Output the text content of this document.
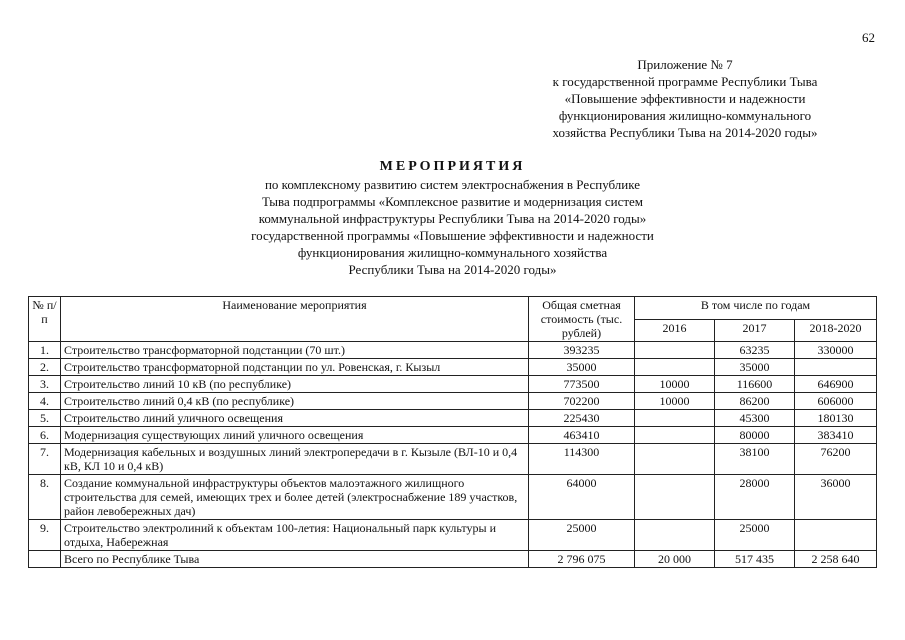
62
Приложение № 7
к государственной программе Республики Тыва
«Повышение эффективности и надежности
функционирования жилищно-коммунального
хозяйства Республики Тыва на 2014-2020 годы»
МЕРОПРИЯТИЯ
по комплексному развитию систем электроснабжения в Республике
Тыва подпрограммы «Комплексное развитие и модернизация систем
коммунальной инфраструктуры Республики Тыва на 2014-2020 годы»
государственной программы «Повышение эффективности и надежности
функционирования жилищно-коммунального хозяйства
Республики Тыва на 2014-2020 годы»
№ п/п	Наименование мероприятия	Общая сметная стоимость (тыс. рублей)	В том числе по годам		
			2016	2017	2018-2020
1.	Строительство трансформаторной подстанции (70 шт.)	393235		63235	330000
2.	Строительство трансформаторной подстанции по ул. Ровенская, г. Кызыл	35000		35000	
3.	Строительство линий 10 кВ (по республике)	773500	10000	116600	646900
4.	Строительство линий 0,4 кВ (по республике)	702200	10000	86200	606000
5.	Строительство линий уличного освещения	225430		45300	180130
6.	Модернизация существующих линий уличного освещения	463410		80000	383410
7.	Модернизация кабельных и воздушных линий электропередачи в г. Кызыле (ВЛ-10 и 0,4 кВ, КЛ 10 и 0,4 кВ)	114300		38100	76200
8.	Создание коммунальной инфраструктуры объектов малоэтажного жилищного строительства для семей, имеющих трех и более детей (электроснабжение 189 участков, район левобережных дач)	64000		28000	36000
9.	Строительство электролиний к объектам 100-летия: Национальный парк культуры и отдыха, Набережная	25000		25000	
	Всего по Республике Тыва	2 796 075	20 000	517 435	2 258 640
